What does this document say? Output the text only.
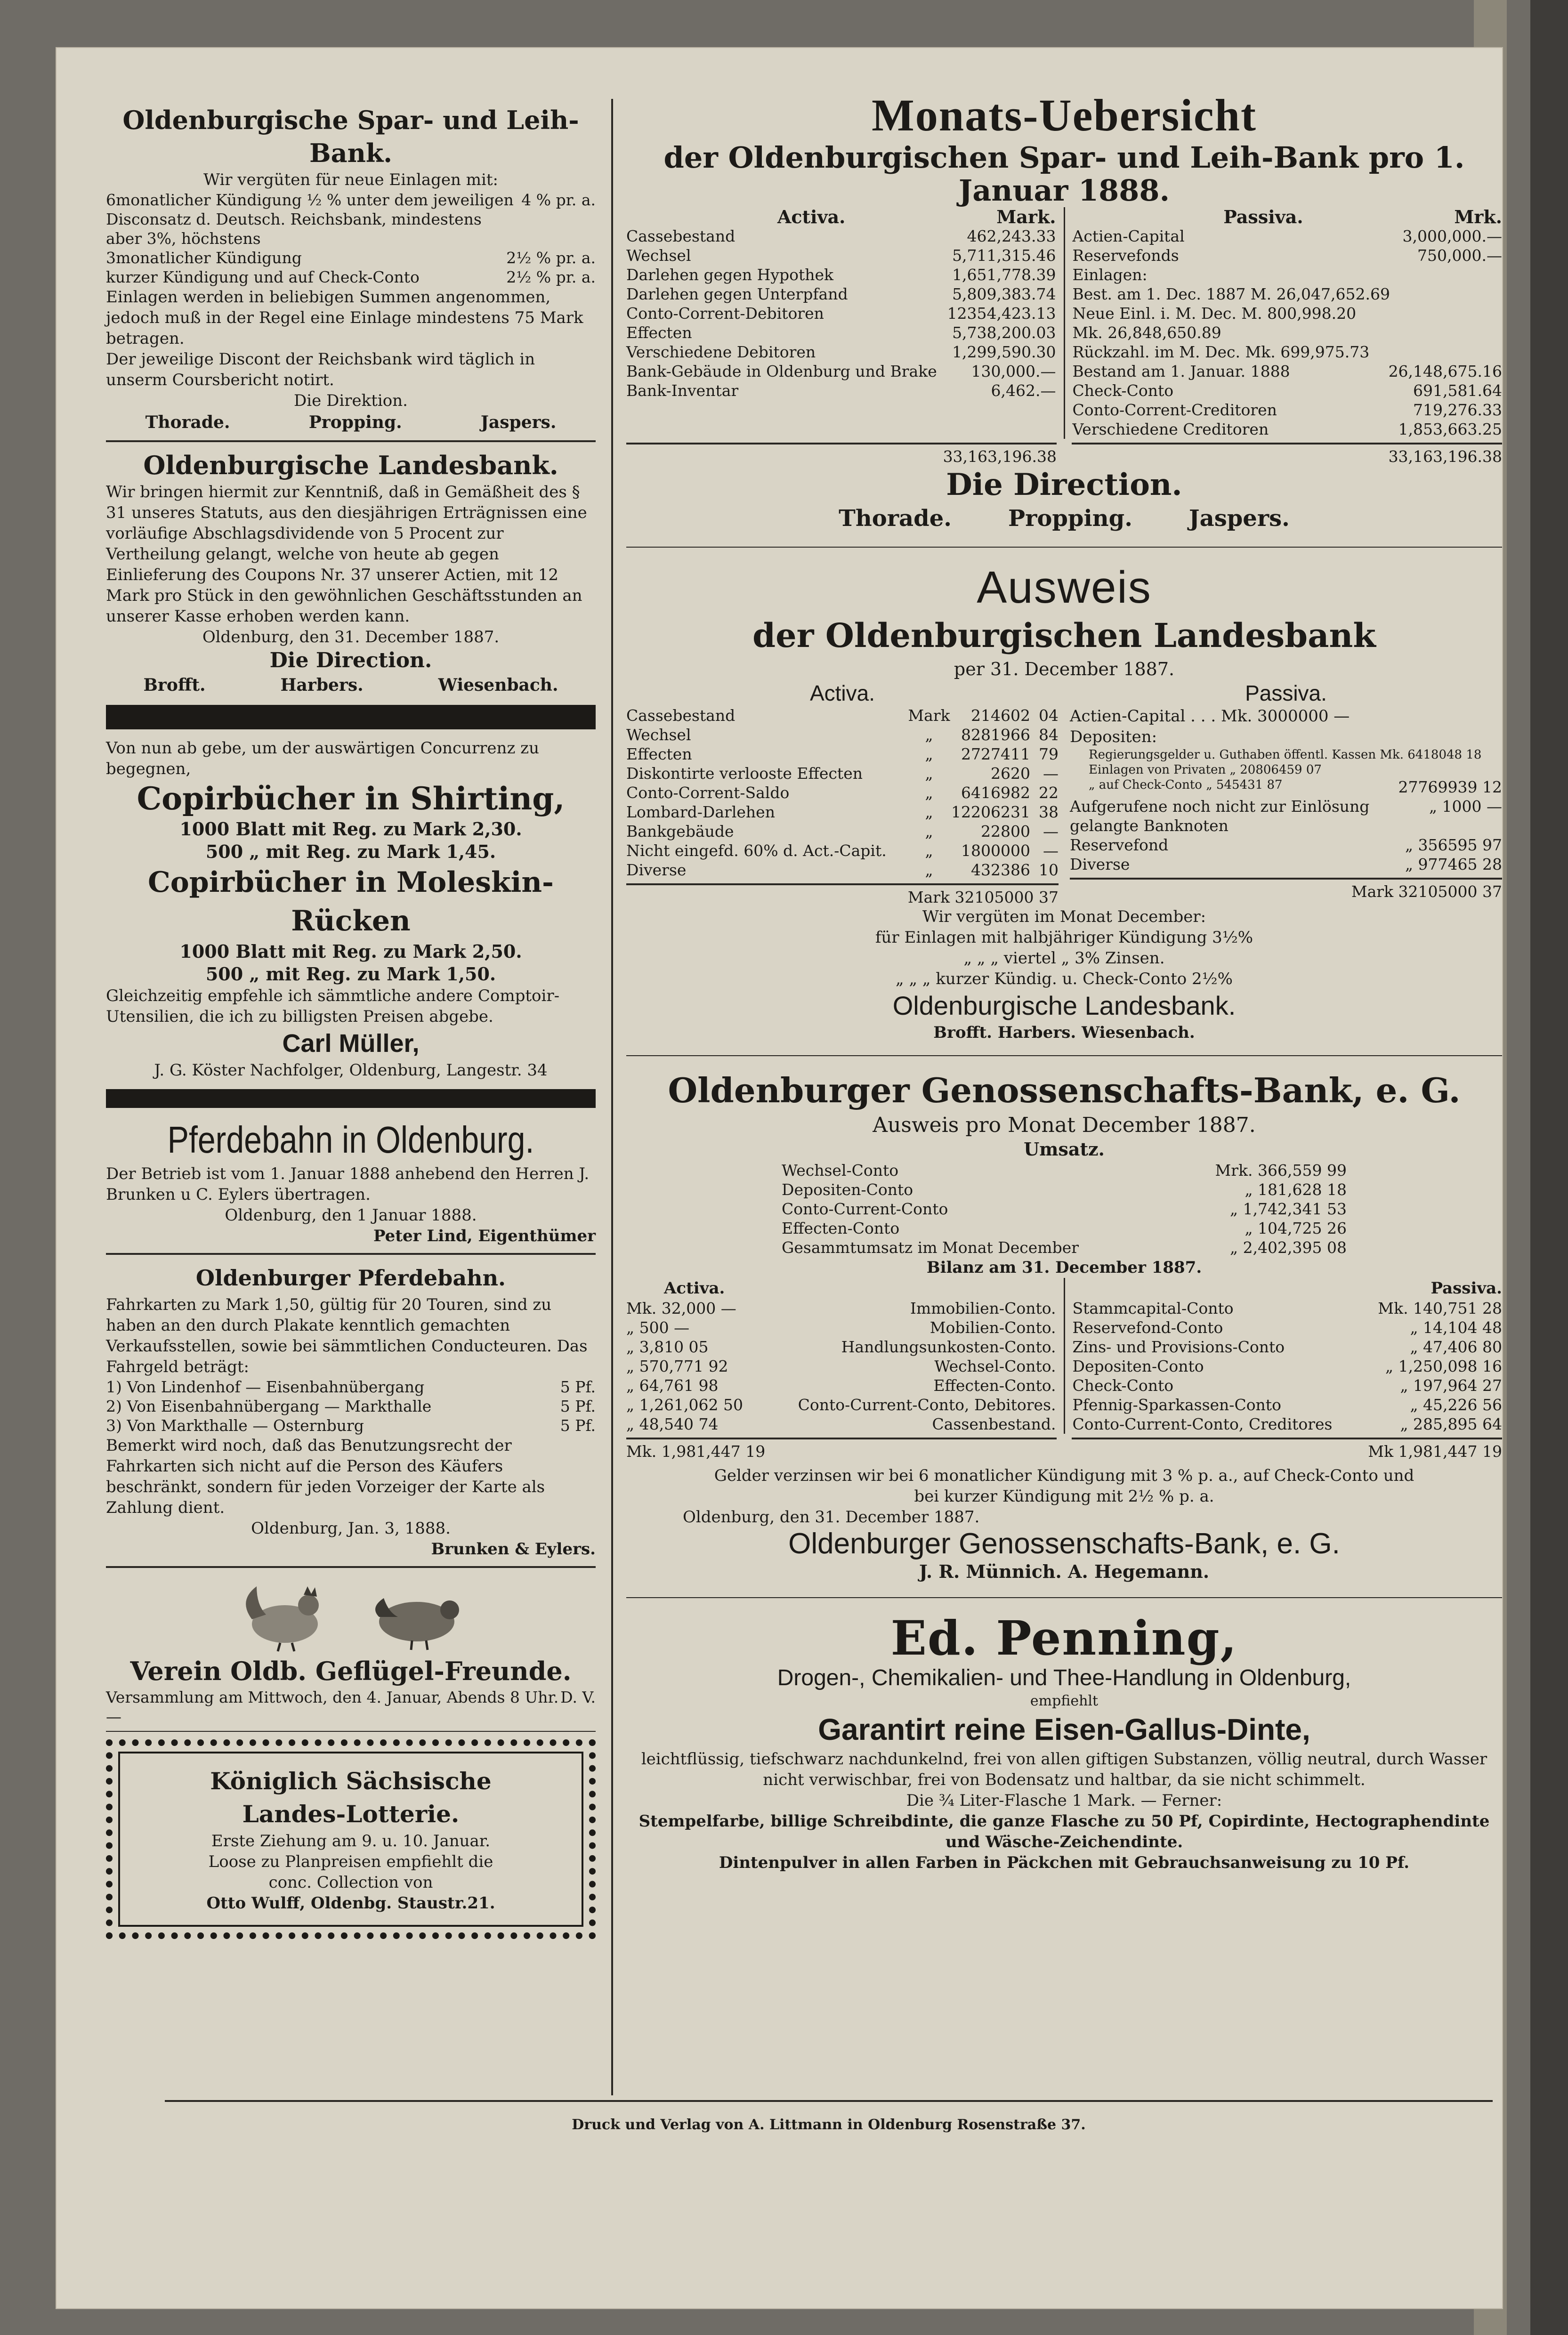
Oldenburgische Spar- und Leih-Bank.

Wir vergüten für neue Einlagen mit:

6monatlicher Kündigung ½ % unter dem jeweiligen Disconsatz d. Deutsch. Reichsbank, mindestens aber 3%, höchstens
4 % pr. a.
3monatlicher Kündigung	2½ % pr. a.
kurzer Kündigung und auf Check-Conto	2½ % pr. a.

Einlagen werden in beliebigen Summen angenommen, jedoch muß in der Regel eine Einlage mindestens 75 Mark betragen.

Der jeweilige Discont der Reichsbank wird täglich in unserm Coursbericht notirt.

Die Direktion.

Thorade.	Propping.	Jaspers.

Oldenburgische Landesbank.

Wir bringen hiermit zur Kenntniß, daß in Gemäßheit des § 31 unseres Statuts, aus den diesjährigen Erträgnissen eine vorläufige Abschlagsdividende von 5 Procent zur Vertheilung gelangt, welche von heute ab gegen Einlieferung des Coupons Nr. 37 unserer Actien, mit 12 Mark pro Stück in den gewöhnlichen Geschäftsstunden an unserer Kasse erhoben werden kann.

Oldenburg, den 31. December 1887.

Die Direction.

Brofft.	Harbers.	Wiesenbach.

Von nun ab gebe, um der auswärtigen Concurrenz zu begegnen,

Copirbücher in Shirting,

1000 Blatt mit Reg. zu Mark 2,30.

500 „ mit Reg. zu Mark 1,45.

Copirbücher in Moleskin-Rücken

1000 Blatt mit Reg. zu Mark 2,50.

500 „ mit Reg. zu Mark 1,50.

Gleichzeitig empfehle ich sämmtliche andere Comptoir-Utensilien, die ich zu billigsten Preisen abgebe.

Carl Müller,

J. G. Köster Nachfolger, Oldenburg, Langestr. 34

Pferdebahn in Oldenburg.

Der Betrieb ist vom 1. Januar 1888 anhebend den Herren J. Brunken u C. Eylers übertragen.

Oldenburg, den 1 Januar 1888.

Peter Lind, Eigenthümer

Oldenburger Pferdebahn.

Fahrkarten zu Mark 1,50, gültig für 20 Touren, sind zu haben an den durch Plakate kenntlich gemachten Verkaufsstellen, sowie bei sämmtlichen Conducteuren. Das Fahrgeld beträgt:

1) Von Lindenhof — Eisenbahnübergang	5 Pf.
2) Von Eisenbahnübergang — Markthalle	5 Pf.
3) Von Markthalle — Osternburg	5 Pf.

Bemerkt wird noch, daß das Benutzungsrecht der Fahrkarten sich nicht auf die Person des Käufers beschränkt, sondern für jeden Vorzeiger der Karte als Zahlung dient.

Oldenburg, Jan. 3, 1888.

Brunken & Eylers.

Verein Oldb. Geflügel-Freunde.

Versammlung am Mittwoch, den 4. Januar, Abends 8 Uhr. —
D. V.

Königlich Sächsische

Landes-Lotterie.

Erste Ziehung am 9. u. 10. Januar.

Loose zu Planpreisen empfiehlt die

conc. Collection von

Otto Wulff, Oldenbg. Staustr.21.

Monats-Uebersicht

der Oldenburgischen Spar- und Leih-Bank pro 1. Januar 1888.

Activa.	Mark.
Cassebestand	462,243.33
Wechsel	5,711,315.46
Darlehen gegen Hypothek	1,651,778.39
Darlehen gegen Unterpfand	5,809,383.74
Conto-Corrent-Debitoren	12354,423.13
Effecten	5,738,200.03
Verschiedene Debitoren	1,299,590.30
Bank-Gebäude in Oldenburg und Brake	130,000.—
Bank-Inventar	6,462.—
Passiva.	Mrk.
Actien-Capital	3,000,000.—
Reservefonds	750,000.—
Einlagen:
Best. am 1. Dec. 1887 M. 26,047,652.69
Neue Einl. i. M. Dec. M. 800,998.20
Mk. 26,848,650.89
Rückzahl. im M. Dec. Mk. 699,975.73
Bestand am 1. Januar. 1888	26,148,675.16
Check-Conto	691,581.64
Conto-Corrent-Creditoren	719,276.33
Verschiedene Creditoren	1,853,663.25
33,163,196.38	33,163,196.38

Die Direction.

Thorade.	Propping.	Jaspers.

Ausweis

der Oldenburgischen Landesbank

per 31. December 1887.

Activa.

Cassebestand	Mark	214602 04
Wechsel	„	8281966 84
Effecten	„	2727411 79
Diskontirte verlooste Effecten	„	2620 —
Conto-Corrent-Saldo	„	6416982 22
Lombard-Darlehen	„	12206231 38
Bankgebäude	„	22800 —
Nicht eingefd. 60% d. Act.-Capit.	„	1800000 —
Diverse	„	432386 10
Mark 32105000 37

Passiva.

Actien-Capital . . . Mk. 3000000 —

Depositen:

Regierungsgelder u. Guthaben öffentl. Kassen Mk. 6418048 18

Einlagen von Privaten „ 20806459 07

„ auf Check-Conto „ 545431 87	27769939 12
Aufgerufene noch nicht zur Einlösung gelangte Banknoten
„ 1000 —
Reservefond	„ 356595 97
Diverse	„ 977465 28
Mark 32105000 37

Wir vergüten im Monat December:

für Einlagen mit halbjähriger Kündigung 3½%

„ „ „ viertel „ 3% Zinsen.

„ „ „ kurzer Kündig. u. Check-Conto 2½%

Oldenburgische Landesbank.

Brofft. Harbers. Wiesenbach.

Oldenburger Genossenschafts-Bank, e. G.

Ausweis pro Monat December 1887.

Umsatz.

Wechsel-Conto	Mrk. 366,559 99
Depositen-Conto	„ 181,628 18
Conto-Current-Conto	„ 1,742,341 53
Effecten-Conto	„ 104,725 26
Gesammtumsatz im Monat December	„ 2,402,395 08

Bilanz am 31. December 1887.

Activa.

Mk. 32,000 —	Immobilien-Conto.
„ 500 —	Mobilien-Conto.
„ 3,810 05	Handlungsunkosten-Conto.
„ 570,771 92	Wechsel-Conto.
„ 64,761 98	Effecten-Conto.
„ 1,261,062 50	Conto-Current-Conto, Debitores.
„ 48,540 74	Cassenbestand.

Passiva.

Stammcapital-Conto	Mk. 140,751 28
Reservefond-Conto	„ 14,104 48
Zins- und Provisions-Conto	„ 47,406 80
Depositen-Conto	„ 1,250,098 16
Check-Conto	„ 197,964 27
Pfennig-Sparkassen-Conto	„ 45,226 56
Conto-Current-Conto, Creditores	„ 285,895 64
Mk. 1,981,447 19	Mk 1,981,447 19

Gelder verzinsen wir bei 6 monatlicher Kündigung mit 3 % p. a., auf Check-Conto und bei kurzer Kündigung mit 2½ % p. a.

Oldenburg, den 31. December 1887.

Oldenburger Genossenschafts-Bank, e. G.

J. R. Münnich. A. Hegemann.

Ed. Penning,

Drogen-, Chemikalien- und Thee-Handlung in Oldenburg,

empfiehlt

Garantirt reine Eisen-Gallus-Dinte,

leichtflüssig, tiefschwarz nachdunkelnd, frei von allen giftigen Substanzen, völlig neutral, durch Wasser nicht verwischbar, frei von Bodensatz und haltbar, da sie nicht schimmelt.

Die ¾ Liter-Flasche 1 Mark. — Ferner:

Stempelfarbe, billige Schreibdinte, die ganze Flasche zu 50 Pf, Copirdinte, Hectographendinte und Wäsche-Zeichendinte.

Dintenpulver in allen Farben in Päckchen mit Gebrauchsanweisung zu 10 Pf.

Druck und Verlag von A. Littmann in Oldenburg Rosenstraße 37.
